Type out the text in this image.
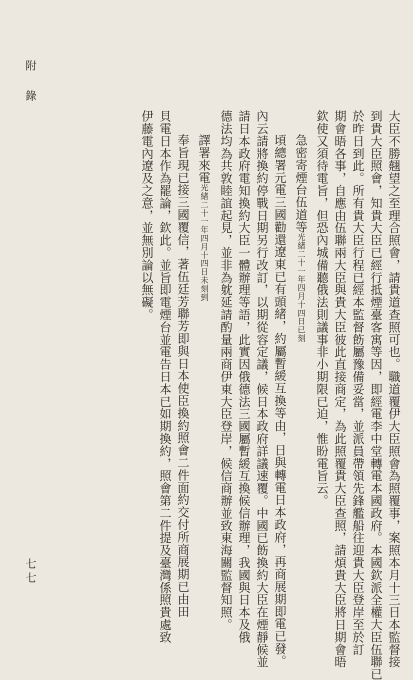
大臣不勝翹望之至理合照會，請貴道查照可也。職道覆伊大臣照會為照覆事，案照本月十三日本監督接
到貴大臣照會，知貴大臣已經行抵煙臺客寓等因，即經電李中堂轉電本國政府。本國欽派全權大臣伍聯已
於昨日到此。所有貴大臣行程已經本監督飭屬豫備妥當，並派員帶領先鋒艦船往迎貴大臣登岸至於訂
期會晤各事，自應由伍聯兩大臣與貴大臣彼此直接商定，為此照覆貴大臣查照，請煩貴大臣將日期會晤
欽使又須待電旨，但恐內城備聽俄法則議事非小期限已迫，惟盼電旨云。
急密寄煙台伍道等光緒二十一年四月十四日已刻
頃總署元電三國勸還遼東已有頭緒，約屬暫緩互換等由，日與轉電日本政府，再商展期即電已發。
內云請將換約停戰日期另行改訂，以期從容定議，候日本政府詳議速覆。中國已飭換約大臣在煙靜候並
請日本政府電知換約大臣一體辦理等語，此實因俄德法三國屬暫緩互換候信辦理，我國與日本及俄
德法均為共敦睦誼起見，並非為躭延請酌量兩商伊東大臣登岸，候信商辦並致東海關監督知照。
譯署來電光緒二十一年四月十四日未刻到
奉旨現已接三國覆信，著伍廷芳聯芳即與日本使臣換約照會二件面約交付所商展期已由田
貝電日本作為罷論，欽此。並旨即電煙台並電告日本已如期換約，照會第二件提及臺灣係照貴處致
伊藤電內遼及之意，並無別論以無礙。
附 錄
七七
